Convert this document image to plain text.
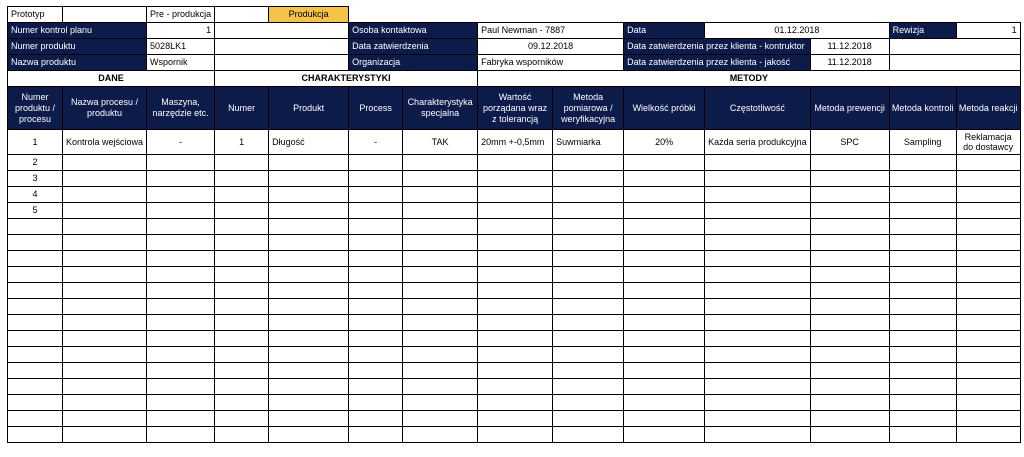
Prototyp		Pre - produkcja		Produkcja									
Numer kontrol planu		1			Osoba kontaktowa		Paul Newman - 7887		Data	01.12.2018		Rewizja	1
Numer produktu		5028LK1			Data zatwierdzenia		09.12.2018		Data zatwierdzenia przez klienta - kontruktor		11.12.2018		
Nazwa produktu		Wspornik			Organizacja		Fabryka wsporników		Data zatwierdzenia przez klienta - jakość		11.12.2018		
DANE			CHARAKTERYSTYKI				METODY						
Numer produktu / procesu	Nazwa procesu / produktu	Maszyna, narzędzie etc.	Numer	Produkt	Process	Charakterystyka specjalna	Wartość porządana wraz z tolerancją	Metoda pomiarowa / weryfikacyjna	Wielkość próbki	Częstotliwość	Metoda prewencji	Metoda kontroli	Metoda reakcji
1	Kontrola wejściowa	-	1	Długość	-	TAK	20mm +-0,5mm	Suwmiarka	20%	Każda seria produkcyjna	SPC	Sampling	Reklamacja do dostawcy
2													
3													
4													
5													
